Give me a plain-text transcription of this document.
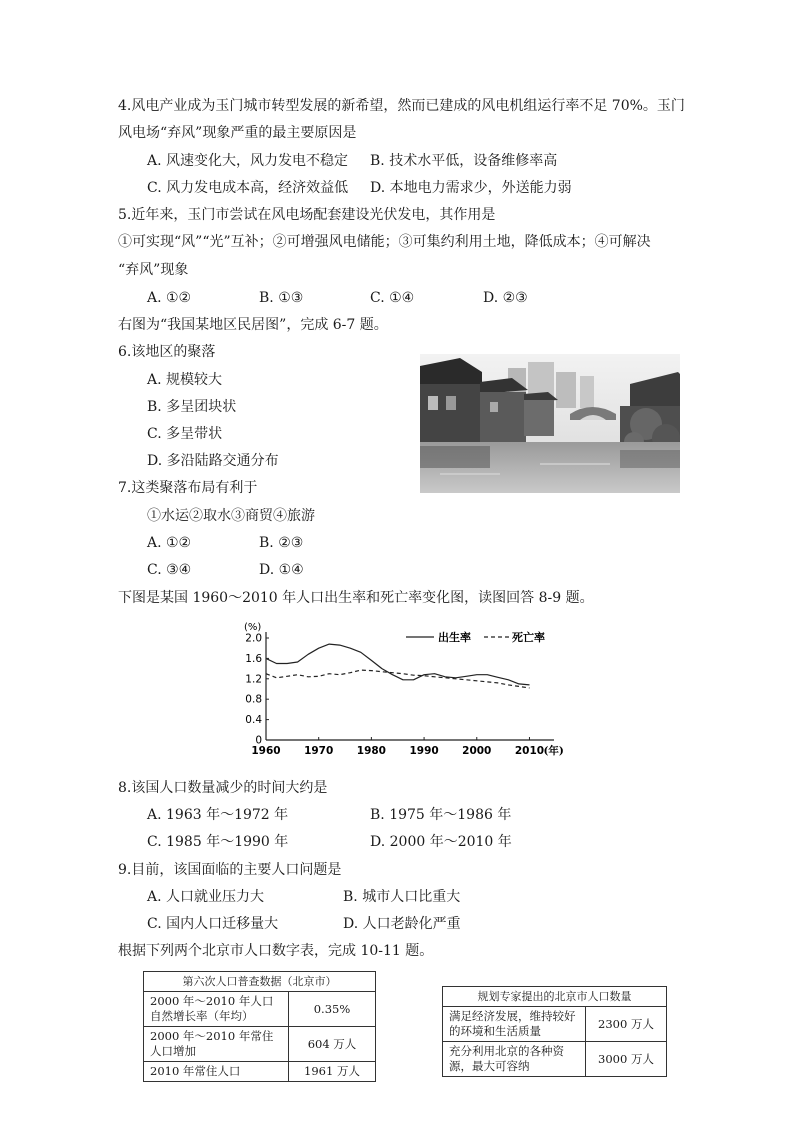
4.风电产业成为玉门城市转型发展的新希望，然而已建成的风电机组运行率不足 70%。玉门
风电场“弃风”现象严重的最主要原因是
A. 风速变化大，风力发电不稳定 B. 技术水平低，设备维修率高
C. 风力发电成本高，经济效益低 D. 本地电力需求少，外送能力弱
5.近年来，玉门市尝试在风电场配套建设光伏发电，其作用是
①可实现“风”“光”互补；②可增强风电储能；③可集约利用土地，降低成本；④可解决
“弃风”现象
A. ①②	B. ①③	C. ①④	D. ②③
右图为“我国某地区民居图”，完成 6-7 题。
6.该地区的聚落
A. 规模较大
B. 多呈团块状
C. 多呈带状
D. 多沿陆路交通分布
7.这类聚落布局有利于
①水运②取水③商贸④旅游
A. ①②	B. ②③
C. ③④	D. ①④
下图是某国 1960～2010 年人口出生率和死亡率变化图，读图回答 8-9 题。
(%)
0
0.4
0.8
1.2
1.6
2.0
1960 1970 1980 1990 2000 2010 (年)
出生率	死亡率
8.该国人口数量减少的时间大约是
A. 1963 年～1972 年	B. 1975 年～1986 年
C. 1985 年～1990 年	D. 2000 年～2010 年
9.目前，该国面临的主要人口问题是
A. 人口就业压力大	B. 城市人口比重大
C. 国内人口迁移量大	D. 人口老龄化严重
根据下列两个北京市人口数字表，完成 10-11 题。
第六次人口普查数据（北京市）	
2000 年～2010 年人口自然增长率（年均）	0.35%
2000 年～2010 年常住人口增加	604 万人
2010 年常住人口	1961 万人
规划专家提出的北京市人口数量	
满足经济发展，维持较好的环境和生活质量	2300 万人
充分利用北京的各种资源，最大可容纳	3000 万人
